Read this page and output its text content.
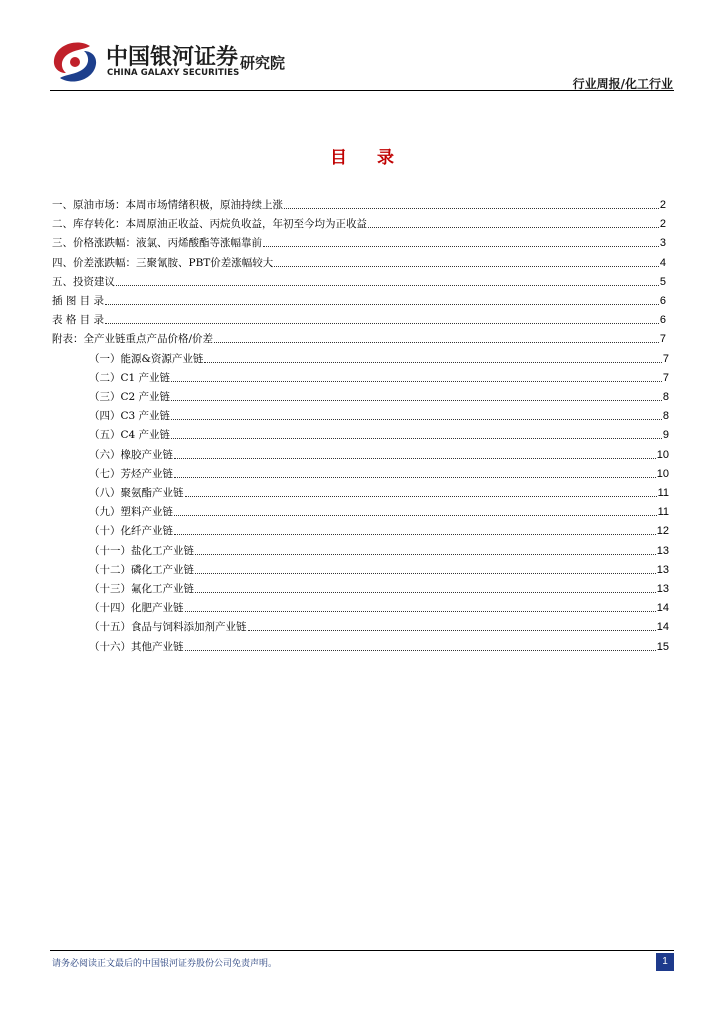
中国银河证券
CHINA GALAXY SECURITIES
研究院
行业周报/化工行业
目 录
一、原油市场：本周市场情绪积极，原油持续上涨	2
二、库存转化：本周原油正收益、丙烷负收益，年初至今均为正收益	2
三、价格涨跌幅：液氯、丙烯酸酯等涨幅靠前	3
四、价差涨跌幅：三聚氰胺、PBT价差涨幅较大	4
五、投资建议	5
插 图 目 录	6
表 格 目 录	6
附表：全产业链重点产品价格/价差	7
（一）能源&资源产业链	7
（二）C1 产业链	7
（三）C2 产业链	8
（四）C3 产业链	8
（五）C4 产业链	9
（六）橡胶产业链	10
（七）芳烃产业链	10
（八）聚氨酯产业链	11
（九）塑料产业链	11
（十）化纤产业链	12
（十一）盐化工产业链	13
（十二）磷化工产业链	13
（十三）氟化工产业链	13
（十四）化肥产业链	14
（十五）食品与饲料添加剂产业链	14
（十六）其他产业链	15
请务必阅读正文最后的中国银河证券股份公司免责声明。	1
